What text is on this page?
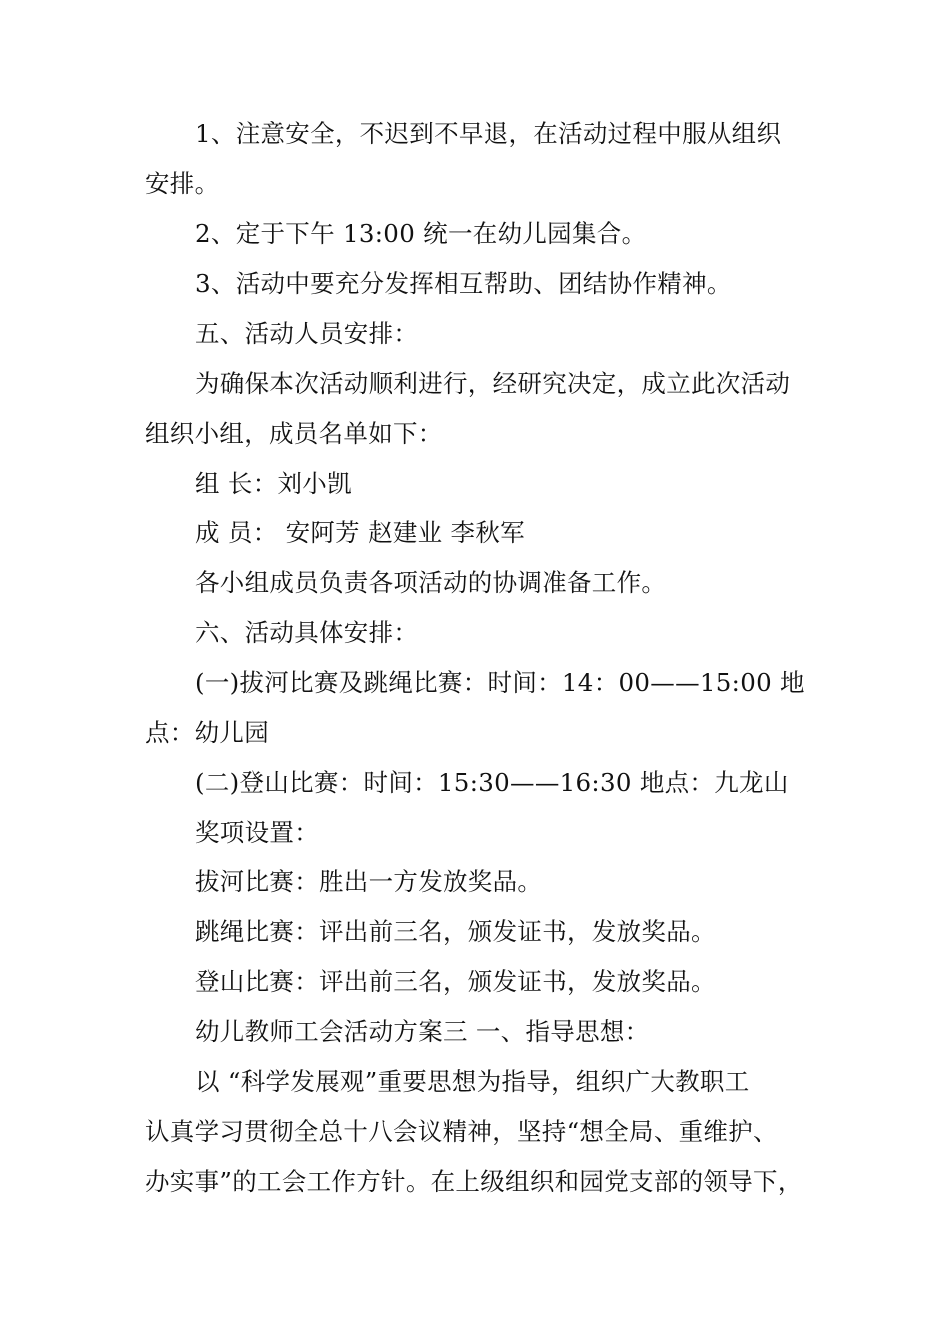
1、注意安全，不迟到不早退，在活动过程中服从组织
安排。
2、定于下午 13:00 统一在幼儿园集合。
3、活动中要充分发挥相互帮助、团结协作精神。
五、活动人员安排：
为确保本次活动顺利进行，经研究决定，成立此次活动
组织小组，成员名单如下：
组 长：刘小凯
成 员： 安阿芳 赵建业 李秋军
各小组成员负责各项活动的协调准备工作。
六、活动具体安排：
(一)拔河比赛及跳绳比赛：时间：14：00——15:00 地
点：幼儿园
(二)登山比赛：时间：15:30——16:30 地点：九龙山
奖项设置：
拔河比赛：胜出一方发放奖品。
跳绳比赛：评出前三名，颁发证书，发放奖品。
登山比赛：评出前三名，颁发证书，发放奖品。
幼儿教师工会活动方案三 一、指导思想：
以 “科学发展观”重要思想为指导，组织广大教职工
认真学习贯彻全总十八会议精神，坚持“想全局、重维护、
办实事”的工会工作方针。在上级组织和园党支部的领导下，
